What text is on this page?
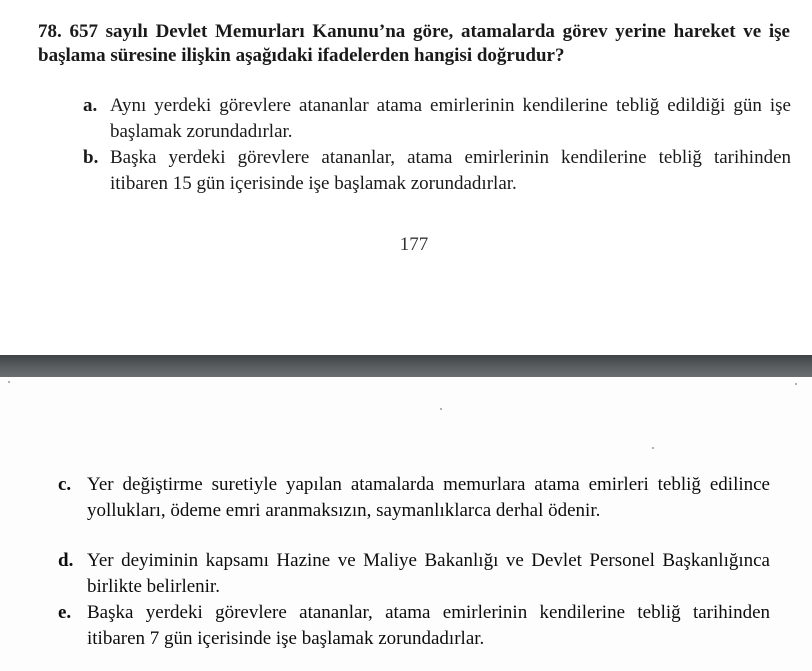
78. 657 sayılı Devlet Memurları Kanunu’na göre, atamalarda görev yerine hareket ve işe başlama süresine ilişkin aşağıdaki ifadelerden hangisi doğrudur?
a. Aynı yerdeki görevlere atananlar atama emirlerinin kendilerine tebliğ edildiği gün işe başlamak zorundadırlar.
b. Başka yerdeki görevlere atananlar, atama emirlerinin kendilerine tebliğ tarihinden itibaren 15 gün içerisinde işe başlamak zorundadırlar.
177
c. Yer değiştirme suretiyle yapılan atamalarda memurlara atama emirleri tebliğ edilince yollukları, ödeme emri aranmaksızın, saymanlıklarca derhal ödenir.
d. Yer deyiminin kapsamı Hazine ve Maliye Bakanlığı ve Devlet Personel Başkanlığınca birlikte belirlenir.
e. Başka yerdeki görevlere atananlar, atama emirlerinin kendilerine tebliğ tarihinden itibaren 7 gün içerisinde işe başlamak zorundadırlar.
